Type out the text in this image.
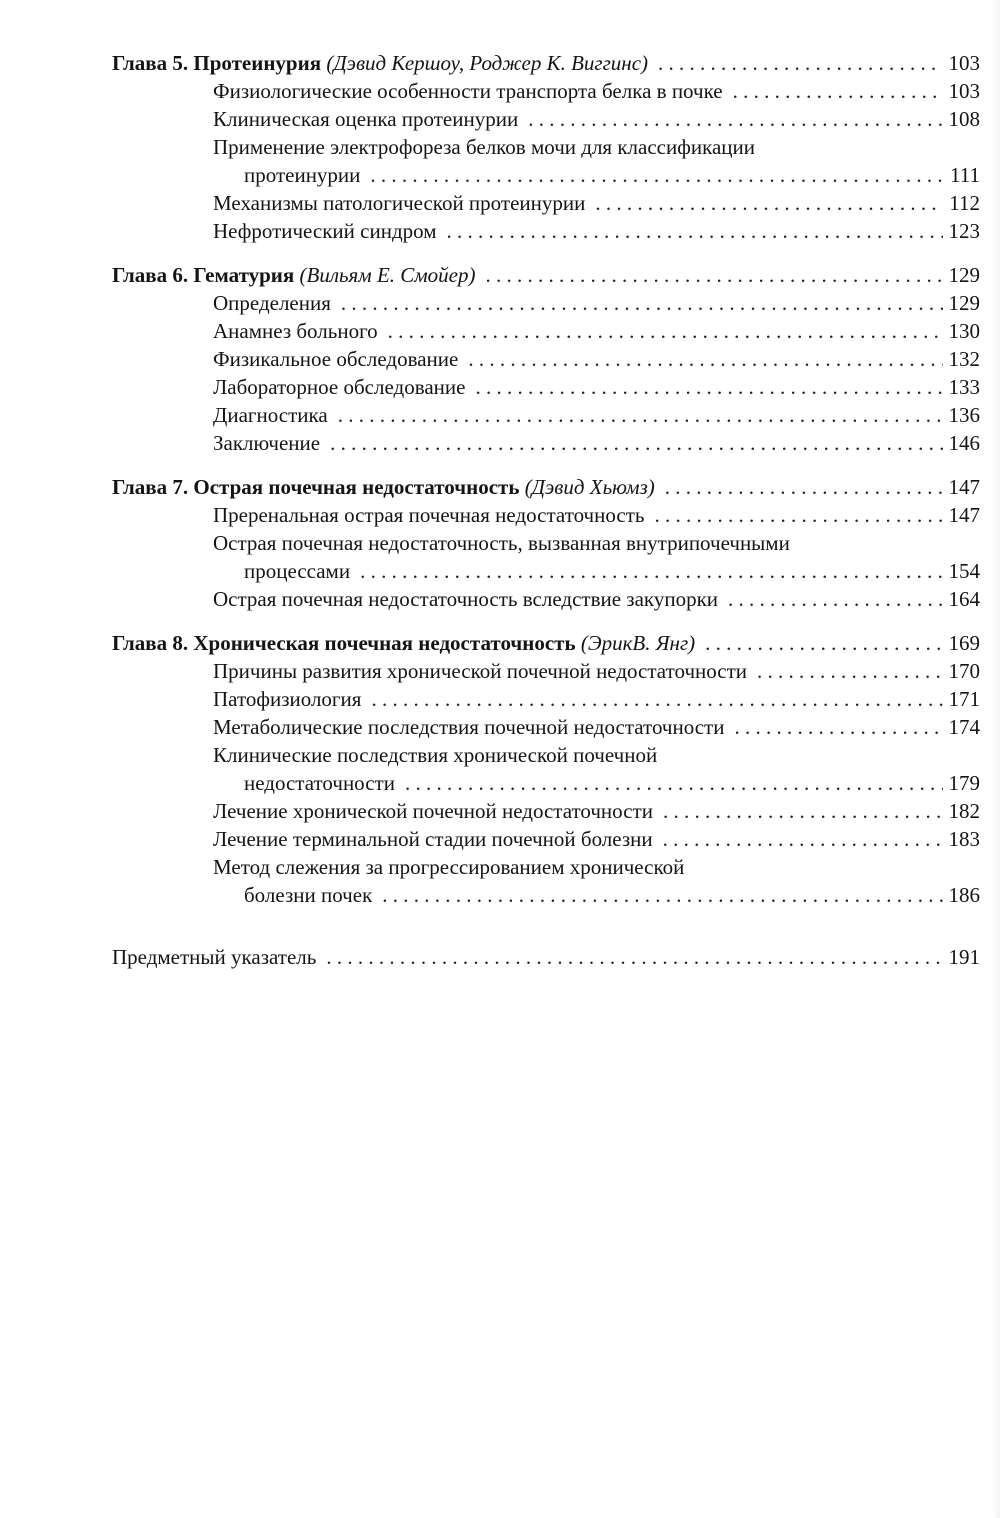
Глава 5. Протеинурия (Дэвид Кершоу, Роджер К. Виггинс) . . .	103
Физиологические особенности транспорта белка в почке . . .	103
Клиническая оценка протеинурии . . .	108
Применение электрофореза белков мочи для классификации
протеинурии . . .	111
Механизмы патологической протеинурии . . .	112
Нефротический синдром . . .	123
Глава 6. Гематурия (Вильям Е. Смойер) . . .	129
Определения . . .	129
Анамнез больного . . .	130
Физикальное обследование . . .	132
Лабораторное обследование . . .	133
Диагностика . . .	136
Заключение . . .	146
Глава 7. Острая почечная недостаточность (Дэвид Хьюмз) . . .	147
Преренальная острая почечная недостаточность . . .	147
Острая почечная недостаточность, вызванная внутрипочечными
процессами . . .	154
Острая почечная недостаточность вследствие закупорки . . .	164
Глава 8. Хроническая почечная недостаточность (ЭрикВ. Янг) . . .	169
Причины развития хронической почечной недостаточности . . .	170
Патофизиология . . .	171
Метаболические последствия почечной недостаточности . . .	174
Клинические последствия хронической почечной
недостаточности . . .	179
Лечение хронической почечной недостаточности . . .	182
Лечение терминальной стадии почечной болезни . . .	183
Метод слежения за прогрессированием хронической
болезни почек . . .	186
Предметный указатель . . .	191
